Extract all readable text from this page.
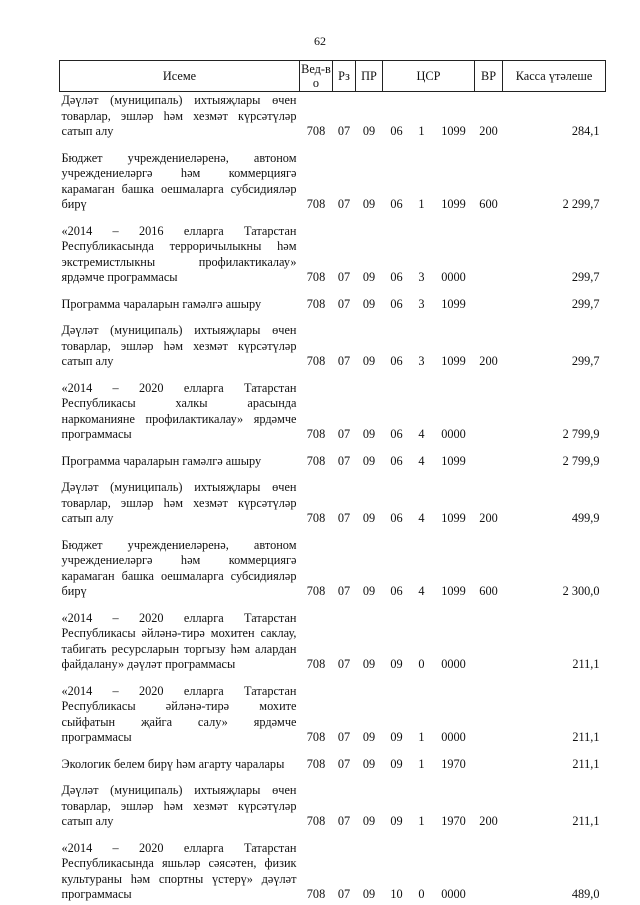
62
Исеме	Вед-во	Рз	ПР	ЦСР			ВР	Касса үтәлеше
Дәүләт (муниципаль) ихтыяҗлары өчен товарлар, эшләр һәм хезмәт күрсәтүләр сатып алу	708	07	09	06	1	1099	200	284,1
Бюджет учреждениеләренә, автоном учреждениеләргә һәм коммерциягә карамаган башка оешмаларга субсидияләр бирү	708	07	09	06	1	1099	600	2 299,7
«2014 – 2016 елларга Татарстан Республикасында терроричылыкны һәм экстремистлыкны профилактикалау» ярдәмче программасы	708	07	09	06	3	0000		299,7
Программа чараларын гамәлгә ашыру	708	07	09	06	3	1099		299,7
Дәүләт (муниципаль) ихтыяҗлары өчен товарлар, эшләр һәм хезмәт күрсәтүләр сатып алу	708	07	09	06	3	1099	200	299,7
«2014 – 2020 елларга Татарстан Республикасы халкы арасында наркоманияне профилактикалау» ярдәмче программасы	708	07	09	06	4	0000		2 799,9
Программа чараларын гамәлгә ашыру	708	07	09	06	4	1099		2 799,9
Дәүләт (муниципаль) ихтыяҗлары өчен товарлар, эшләр һәм хезмәт күрсәтүләр сатып алу	708	07	09	06	4	1099	200	499,9
Бюджет учреждениеләренә, автоном учреждениеләргә һәм коммерциягә карамаган башка оешмаларга субсидияләр бирү	708	07	09	06	4	1099	600	2 300,0
«2014 – 2020 елларга Татарстан Республикасы әйләнә-тирә мохитен саклау, табигать ресурсларын торгызу һәм алардан файдалану» дәүләт программасы	708	07	09	09	0	0000		211,1
«2014 – 2020 елларга Татарстан Республикасы әйләнә-тирә мохите сыйфатын җайга салу» ярдәмче программасы	708	07	09	09	1	0000		211,1
Экологик белем бирү һәм агарту чаралары	708	07	09	09	1	1970		211,1
Дәүләт (муниципаль) ихтыяҗлары өчен товарлар, эшләр һәм хезмәт күрсәтүләр сатып алу	708	07	09	09	1	1970	200	211,1
«2014 – 2020 елларга Татарстан Республикасында яшьләр сәясәтен, физик культураны һәм спортны үстерү» дәүләт программасы	708	07	09	10	0	0000		489,0
